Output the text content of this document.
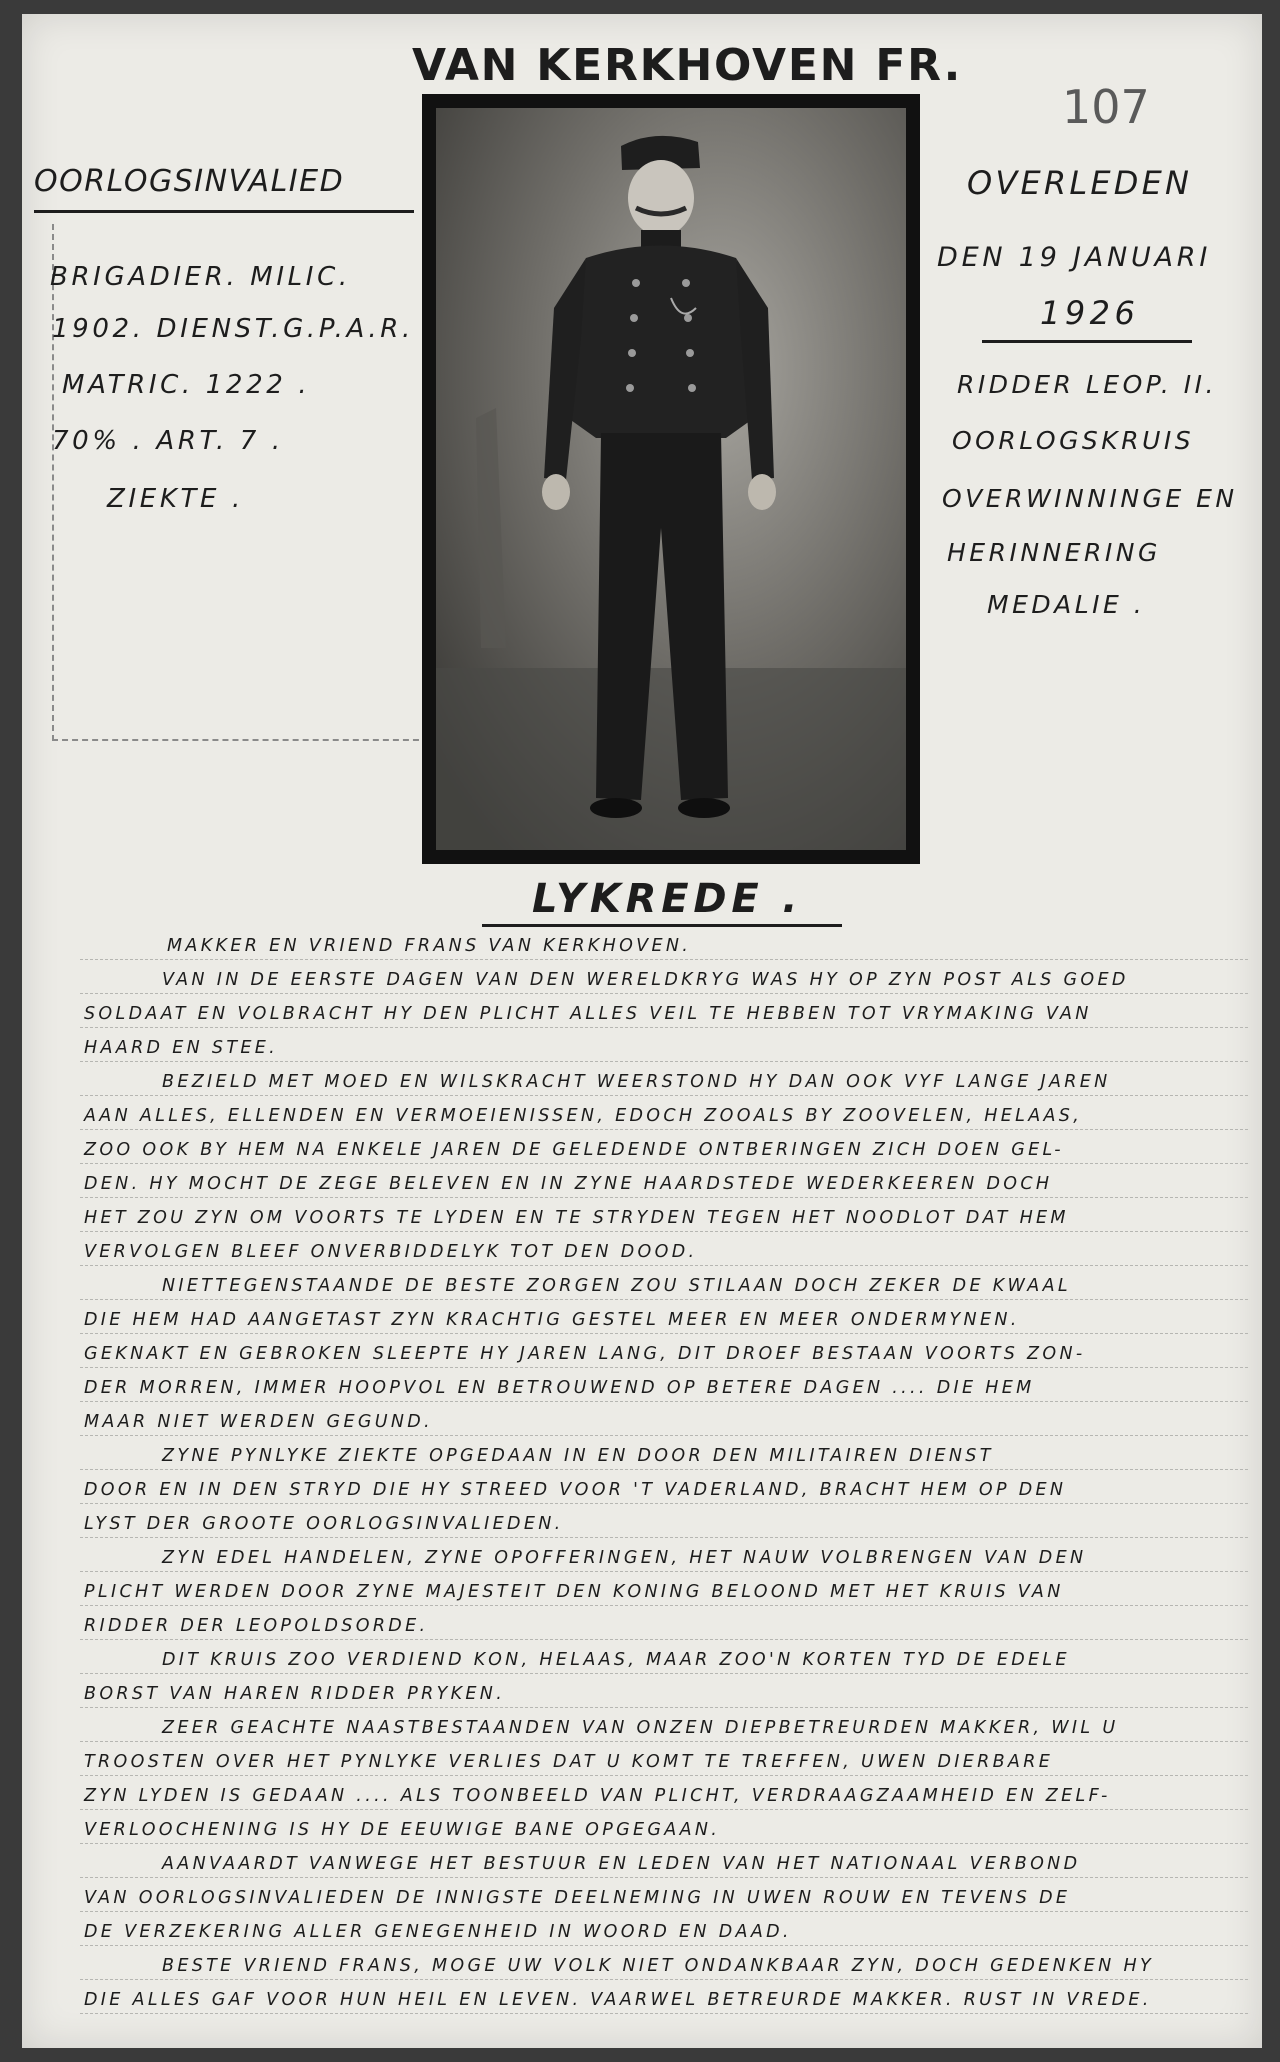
VAN KERKHOVEN FR.
107
OORLOGSINVALIED
BRIGADIER. MILIC.
1902. DIENST.G.P.A.R.
MATRIC. 1222 .
70% . ART. 7 .
ZIEKTE .
OVERLEDEN
DEN 19 JANUARI
1926
RIDDER LEOP. II.
OORLOGSKRUIS
OVERWINNINGE EN
HERINNERING
MEDALIE .
LYKREDE .
MAKKER EN VRIEND FRANS VAN KERKHOVEN.
VAN IN DE EERSTE DAGEN VAN DEN WERELDKRYG WAS HY OP ZYN POST ALS GOED
SOLDAAT EN VOLBRACHT HY DEN PLICHT ALLES VEIL TE HEBBEN TOT VRYMAKING VAN
HAARD EN STEE.
BEZIELD MET MOED EN WILSKRACHT WEERSTOND HY DAN OOK VYF LANGE JAREN
AAN ALLES, ELLENDEN EN VERMOEIENISSEN, EDOCH ZOOALS BY ZOOVELEN, HELAAS,
ZOO OOK BY HEM NA ENKELE JAREN DE GELEDENDE ONTBERINGEN ZICH DOEN GEL-
DEN. HY MOCHT DE ZEGE BELEVEN EN IN ZYNE HAARDSTEDE WEDERKEEREN DOCH
HET ZOU ZYN OM VOORTS TE LYDEN EN TE STRYDEN TEGEN HET NOODLOT DAT HEM
VERVOLGEN BLEEF ONVERBIDDELYK TOT DEN DOOD.
NIETTEGENSTAANDE DE BESTE ZORGEN ZOU STILAAN DOCH ZEKER DE KWAAL
DIE HEM HAD AANGETAST ZYN KRACHTIG GESTEL MEER EN MEER ONDERMYNEN.
GEKNAKT EN GEBROKEN SLEEPTE HY JAREN LANG, DIT DROEF BESTAAN VOORTS ZON-
DER MORREN, IMMER HOOPVOL EN BETROUWEND OP BETERE DAGEN .... DIE HEM
MAAR NIET WERDEN GEGUND.
ZYNE PYNLYKE ZIEKTE OPGEDAAN IN EN DOOR DEN MILITAIREN DIENST
DOOR EN IN DEN STRYD DIE HY STREED VOOR 'T VADERLAND, BRACHT HEM OP DEN
LYST DER GROOTE OORLOGSINVALIEDEN.
ZYN EDEL HANDELEN, ZYNE OPOFFERINGEN, HET NAUW VOLBRENGEN VAN DEN
PLICHT WERDEN DOOR ZYNE MAJESTEIT DEN KONING BELOOND MET HET KRUIS VAN
RIDDER DER LEOPOLDSORDE.
DIT KRUIS ZOO VERDIEND KON, HELAAS, MAAR ZOO'N KORTEN TYD DE EDELE
BORST VAN HAREN RIDDER PRYKEN.
ZEER GEACHTE NAASTBESTAANDEN VAN ONZEN DIEPBETREURDEN MAKKER, WIL U
TROOSTEN OVER HET PYNLYKE VERLIES DAT U KOMT TE TREFFEN, UWEN DIERBARE
ZYN LYDEN IS GEDAAN .... ALS TOONBEELD VAN PLICHT, VERDRAAGZAAMHEID EN ZELF-
VERLOOCHENING IS HY DE EEUWIGE BANE OPGEGAAN.
AANVAARDT VANWEGE HET BESTUUR EN LEDEN VAN HET NATIONAAL VERBOND
VAN OORLOGSINVALIEDEN DE INNIGSTE DEELNEMING IN UWEN ROUW EN TEVENS DE
DE VERZEKERING ALLER GENEGENHEID IN WOORD EN DAAD.
BESTE VRIEND FRANS, MOGE UW VOLK NIET ONDANKBAAR ZYN, DOCH GEDENKEN HY
DIE ALLES GAF VOOR HUN HEIL EN LEVEN. VAARWEL BETREURDE MAKKER. RUST IN VREDE.
